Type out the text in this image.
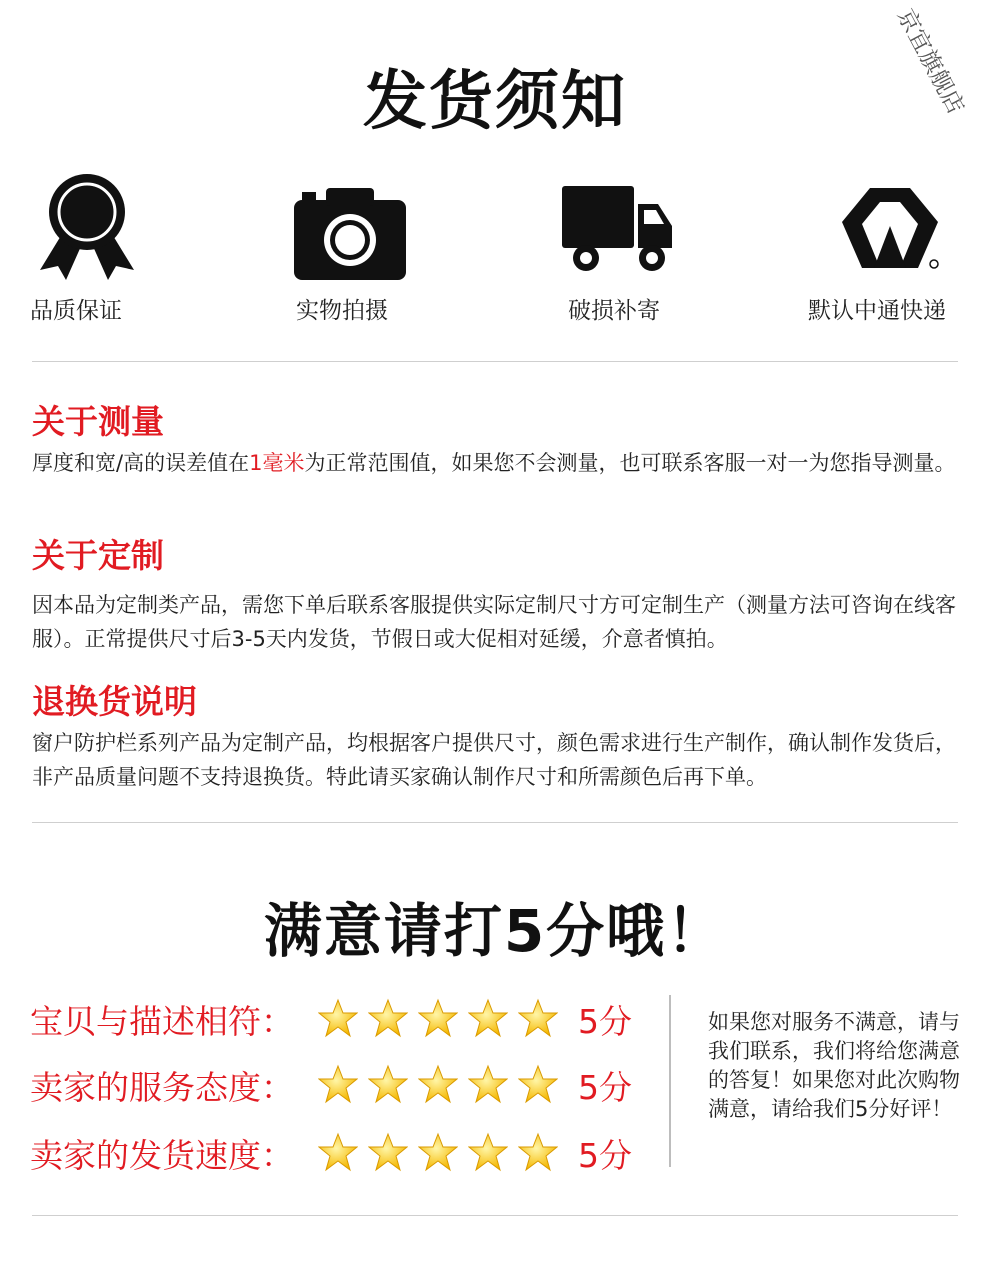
京宜旗舰店
发货须知
品质保证	实物拍摄	破损补寄	默认中通快递
关于测量
厚度和宽/高的误差值在1毫米为正常范围值，如果您不会测量，也可联系客服一对一为您指导测量。
关于定制
因本品为定制类产品，需您下单后联系客服提供实际定制尺寸方可定制生产（测量方法可咨询在线客服）。正常提供尺寸后3-5天内发货，节假日或大促相对延缓，介意者慎拍。
退换货说明
窗户防护栏系列产品为定制产品，均根据客户提供尺寸，颜色需求进行生产制作，确认制作发货后，非产品质量问题不支持退换货。特此请买家确认制作尺寸和所需颜色后再下单。
满意请打5分哦！
宝贝与描述相符：	5分
卖家的服务态度：	5分
卖家的发货速度：	5分
如果您对服务不满意，请与我们联系，我们将给您满意的答复！如果您对此次购物满意，请给我们5分好评！
